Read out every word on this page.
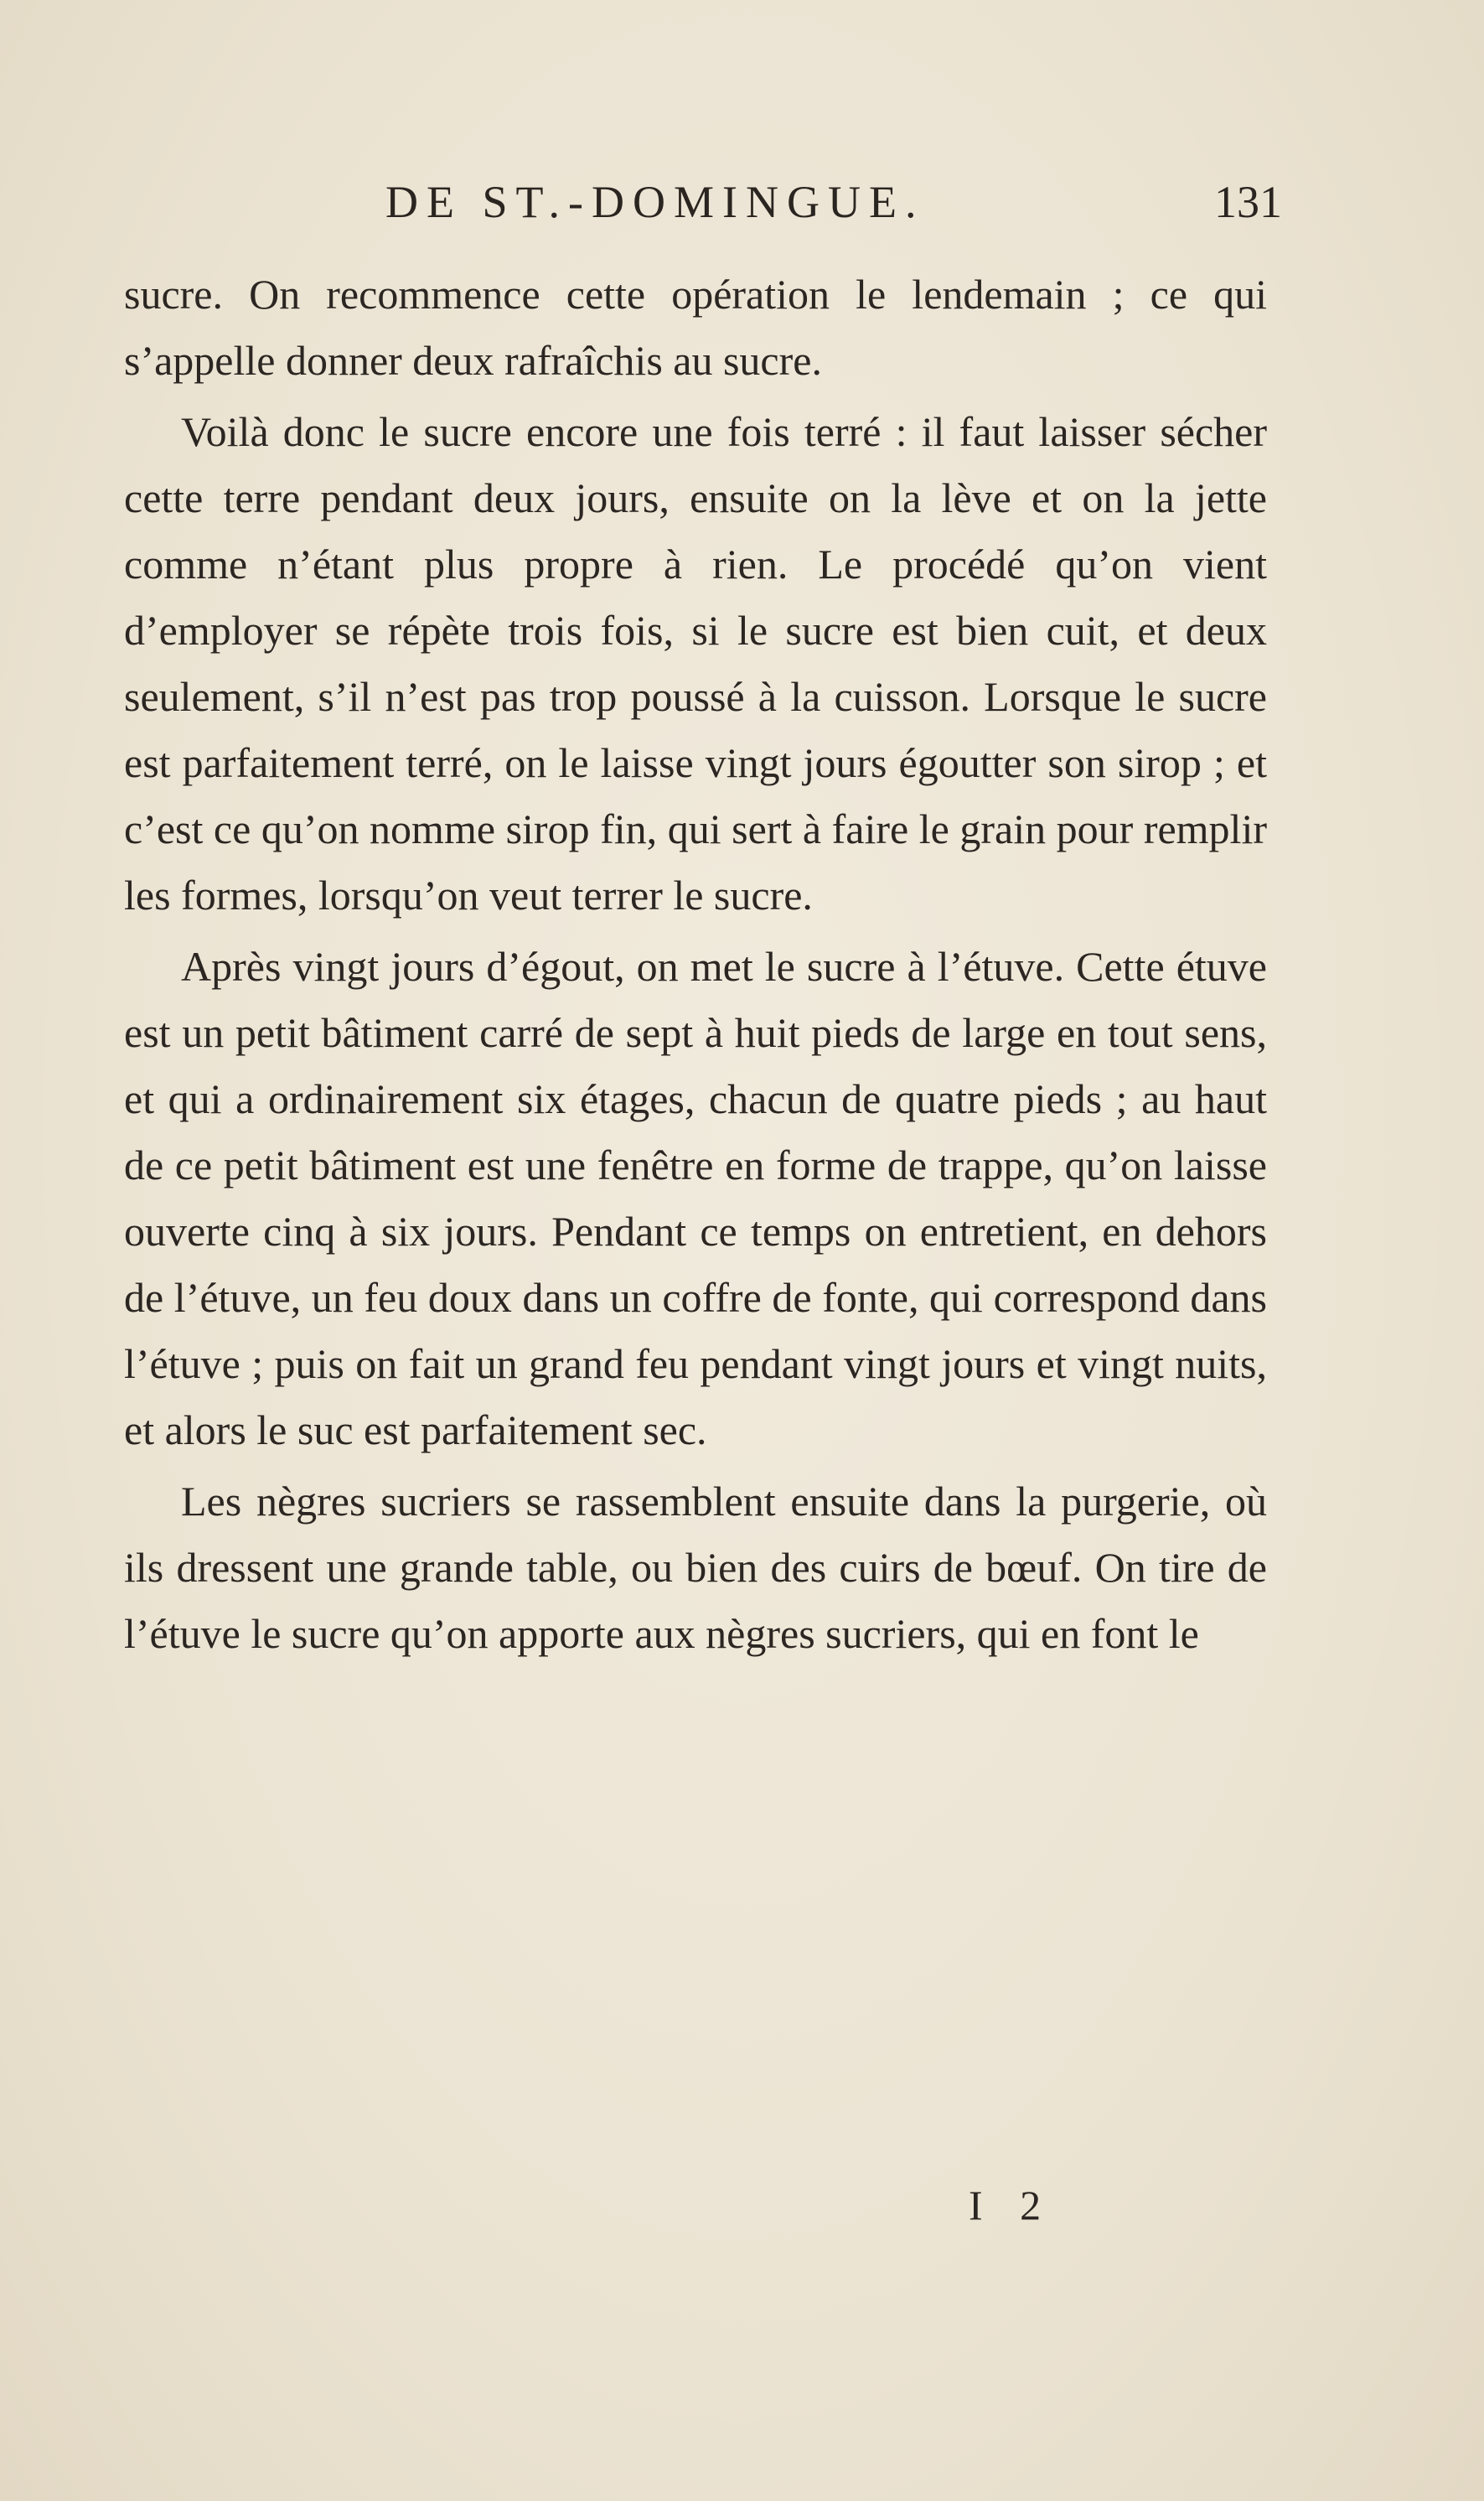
DE ST.-DOMINGUE.	131

sucre. On recommence cette opération le lendemain ; ce qui s’appelle donner deux rafraîchis au sucre.

Voilà donc le sucre encore une fois terré : il faut laisser sécher cette terre pendant deux jours, ensuite on la lève et on la jette comme n’étant plus propre à rien. Le procédé qu’on vient d’employer se répète trois fois, si le sucre est bien cuit, et deux seulement, s’il n’est pas trop poussé à la cuisson. Lorsque le sucre est parfaitement terré, on le laisse vingt jours égoutter son sirop ; et c’est ce qu’on nomme sirop fin, qui sert à faire le grain pour remplir les formes, lorsqu’on veut terrer le sucre.

Après vingt jours d’égout, on met le sucre à l’étuve. Cette étuve est un petit bâtiment carré de sept à huit pieds de large en tout sens, et qui a ordinairement six étages, chacun de quatre pieds ; au haut de ce petit bâtiment est une fenêtre en forme de trappe, qu’on laisse ouverte cinq à six jours. Pendant ce temps on entretient, en dehors de l’étuve, un feu doux dans un coffre de fonte, qui correspond dans l’étuve ; puis on fait un grand feu pendant vingt jours et vingt nuits, et alors le suc est parfaitement sec.

Les nègres sucriers se rassemblent ensuite dans la purgerie, où ils dressent une grande table, ou bien des cuirs de bœuf. On tire de l’étuve le sucre qu’on apporte aux nègres sucriers, qui en font le

I 2
